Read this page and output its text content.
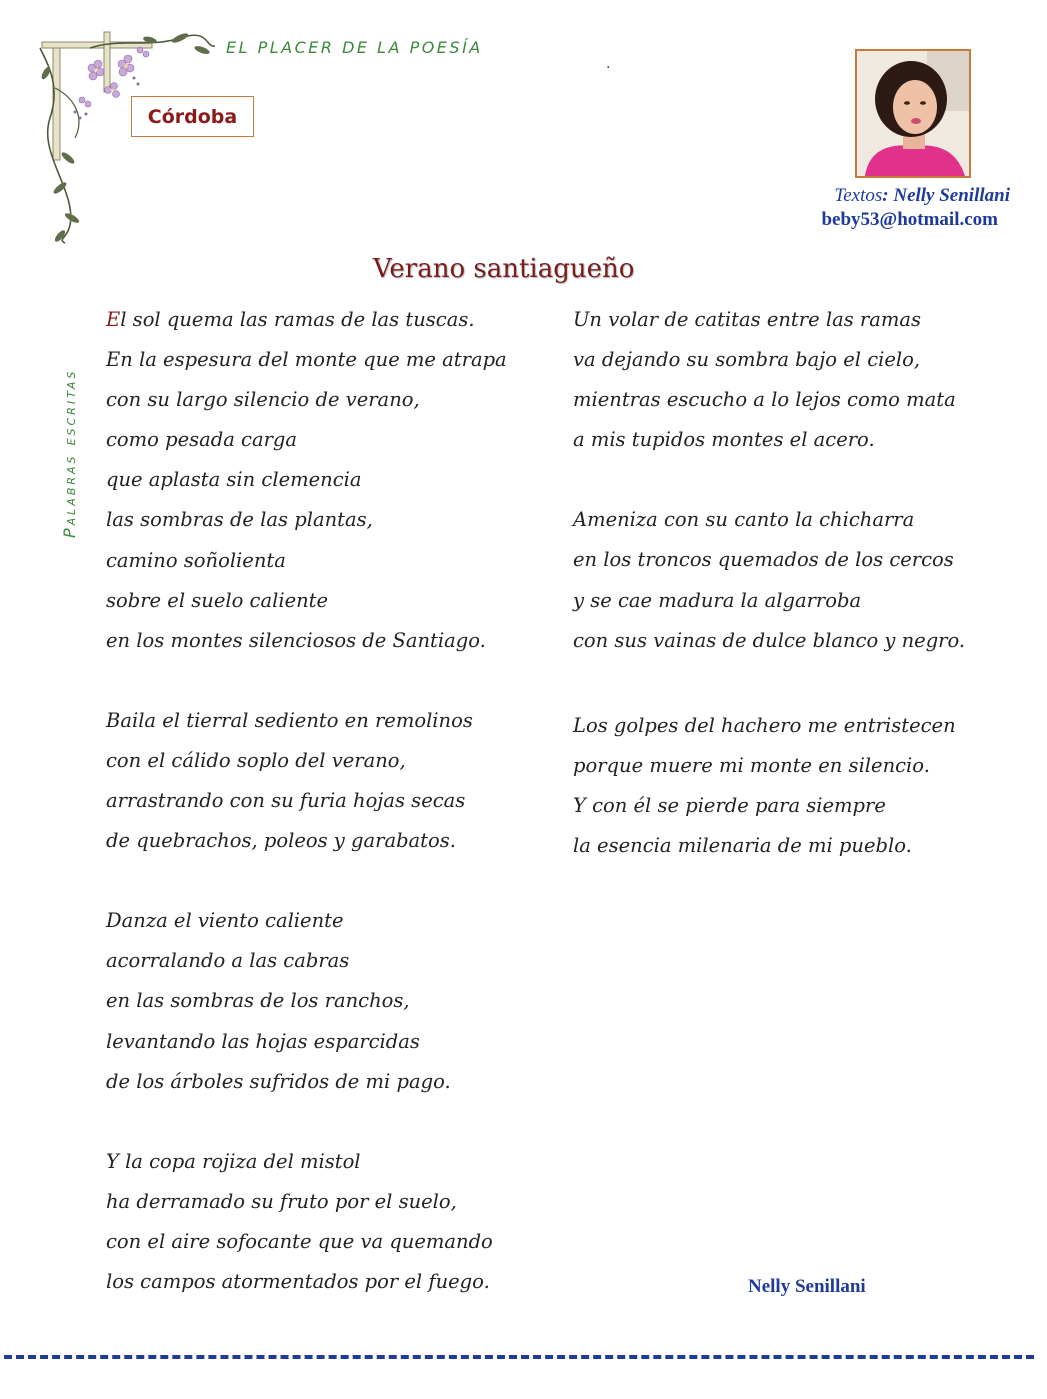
EL PLACER DE LA POESÍA
.
Córdoba
Palabras escritas
Textos: Nelly Senillani
beby53@hotmail.com
Verano santiagueño
El sol quema las ramas de las tuscas.
En la espesura del monte que me atrapa
con su largo silencio de verano,
como pesada carga
que aplasta sin clemencia
las sombras de las plantas,
camino soñolienta
sobre el suelo caliente
en los montes silenciosos de Santiago.
Baila el tierral sediento en remolinos
con el cálido soplo del verano,
arrastrando con su furia hojas secas
de quebrachos, poleos y garabatos.
Danza el viento caliente
acorralando a las cabras
en las sombras de los ranchos,
levantando las hojas esparcidas
de los árboles sufridos de mi pago.
Y la copa rojiza del mistol
ha derramado su fruto por el suelo,
con el aire sofocante que va quemando
los campos atormentados por el fuego.
Un volar de catitas entre las ramas
va dejando su sombra bajo el cielo,
mientras escucho a lo lejos como mata
a mis tupidos montes el acero.
Ameniza con su canto la chicharra
en los troncos quemados de los cercos
y se cae madura la algarroba
con sus vainas de dulce blanco y negro.
Los golpes del hachero me entristecen
porque muere mi monte en silencio.
Y con él se pierde para siempre
la esencia milenaria de mi pueblo.
Nelly Senillani
